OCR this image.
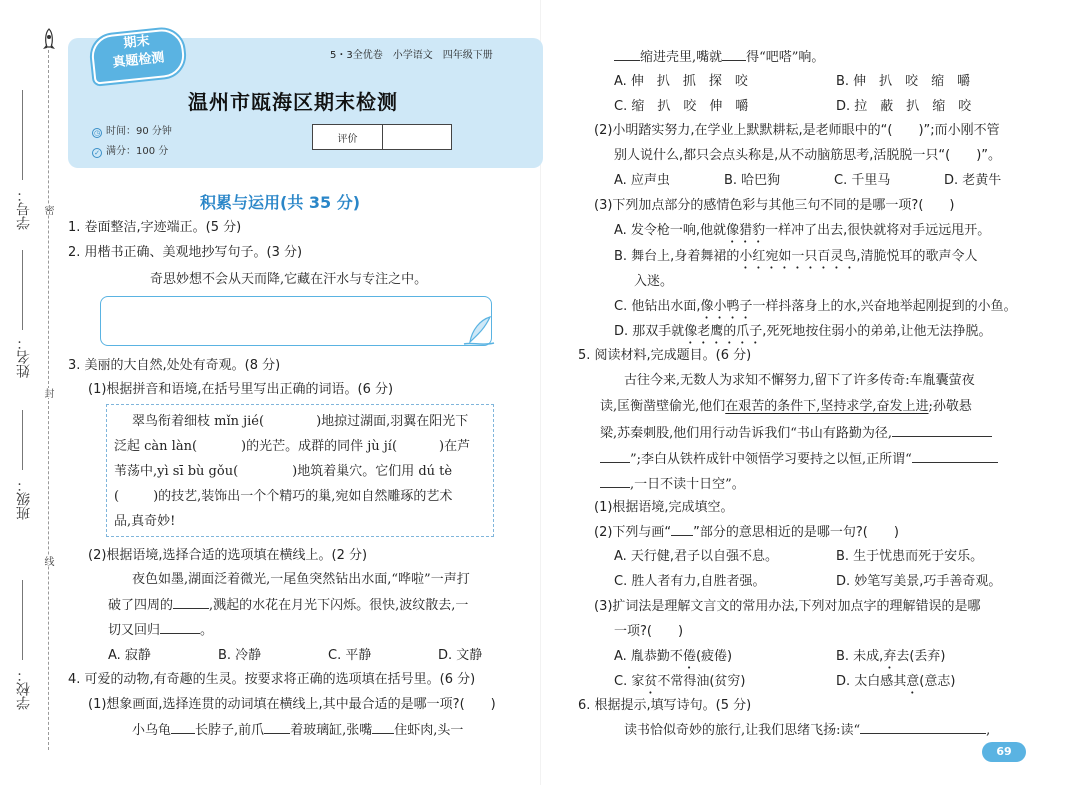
学号： 密
姓名：
封
班级：
线
学校：
5・3全优卷　小学语文　四年级下册
期末
真题检测
温州市瓯海区期末检测
◷ 时间：90 分钟
✓ 满分：100 分
评价
积累与运用(共 35 分)
1. 卷面整洁,字迹端正。(5 分)
2. 用楷书正确、美观地抄写句子。(3 分)
奇思妙想不会从天而降,它藏在汗水与专注之中。
3. 美丽的大自然,处处有奇观。(8 分)
(1)根据拼音和语境,在括号里写出正确的词语。(6 分)
翠鸟衔着细枝 mǐn jié(	)地掠过湖面,羽翼在阳光下
泛起 càn làn(	)的光芒。成群的同伴 jù jí(	)在芦
苇荡中,yì sī bù gǒu(	)地筑着巢穴。它们用 dú tè
(	)的技艺,装饰出一个个精巧的巢,宛如自然雕琢的艺术
品,真奇妙!
(2)根据语境,选择合适的选项填在横线上。(2 分)
夜色如墨,湖面泛着微光,一尾鱼突然钻出水面,“哗啦”一声打
破了四周的	,溅起的水花在月光下闪烁。很快,波纹散去,一
切又回归	。
A. 寂静	B. 冷静	C. 平静	D. 文静
4. 可爱的动物,有奇趣的生灵。按要求将正确的选项填在括号里。(6 分)
(1)想象画面,选择连贯的动词填在横线上,其中最合适的是哪一项?(　　)
小乌龟 长脖子,前爪 着玻璃缸,张嘴 住虾肉,头一
缩进壳里,嘴就 得“吧嗒”响。
A. 伸　扒　抓　探　咬	B. 伸　扒　咬　缩　嚼
C. 缩　扒　咬　伸　嚼	D. 拉　蔽　扒　缩　咬
(2)小明踏实努力,在学业上默默耕耘,是老师眼中的“(　　)”;而小刚不管
别人说什么,都只会点头称是,从不动脑筋思考,活脱脱一只“(　　)”。
A. 应声虫	B. 哈巴狗	C. 千里马	D. 老黄牛
(3)下列加点部分的感情色彩与其他三句不同的是哪一项?(　　)
A. 发令枪一响,他就像猎豹一样冲了出去,很快就将对手远远甩开。
B. 舞台上,身着舞裙的小红宛如一只百灵鸟,清脆悦耳的歌声令人
入迷。
C. 他钻出水面,像小鸭子一样抖落身上的水,兴奋地举起刚捉到的小鱼。
D. 那双手就像老鹰的爪子,死死地按住弱小的弟弟,让他无法挣脱。
5. 阅读材料,完成题目。(6 分)
古往今来,无数人为求知不懈努力,留下了许多传奇:车胤囊萤夜
读,匡衡凿壁偷光,他们在艰苦的条件下,坚持求学,奋发上进;孙敬悬
梁,苏秦刺股,他们用行动告诉我们“书山有路勤为径,
”;李白从铁杵成针中领悟学习要持之以恒,正所谓“
,一日不读十日空”。
(1)根据语境,完成填空。
(2)下列与画“ ”部分的意思相近的是哪一句?(　　)
A. 天行健,君子以自强不息。	B. 生于忧患而死于安乐。
C. 胜人者有力,自胜者强。	D. 妙笔写美景,巧手善奇观。
(3)扩词法是理解文言文的常用办法,下列对加点字的理解错误的是哪
一项?(　　)
A. 胤恭勤不倦(疲倦)	B. 未成,弃去(丢弃)
C. 家贫不常得油(贫穷)	D. 太白感其意(意志)
6. 根据提示,填写诗句。(5 分)
读书恰似奇妙的旅行,让我们思绪飞扬:读“	,
69
